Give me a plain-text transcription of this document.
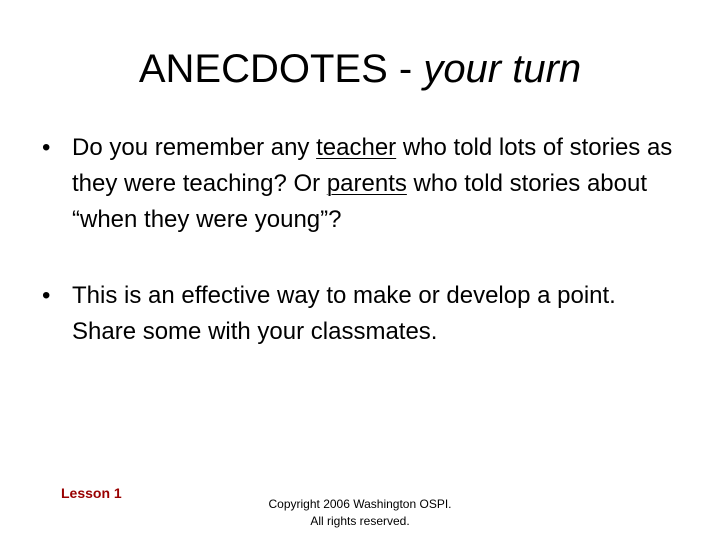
ANECDOTES - your turn
• Do you remember any teacher who told lots of stories as they were teaching? Or parents who told stories about “when they were young”?
• This is an effective way to make or develop a point. Share some with your classmates.
Lesson 1
Copyright 2006 Washington OSPI.
All rights reserved.
